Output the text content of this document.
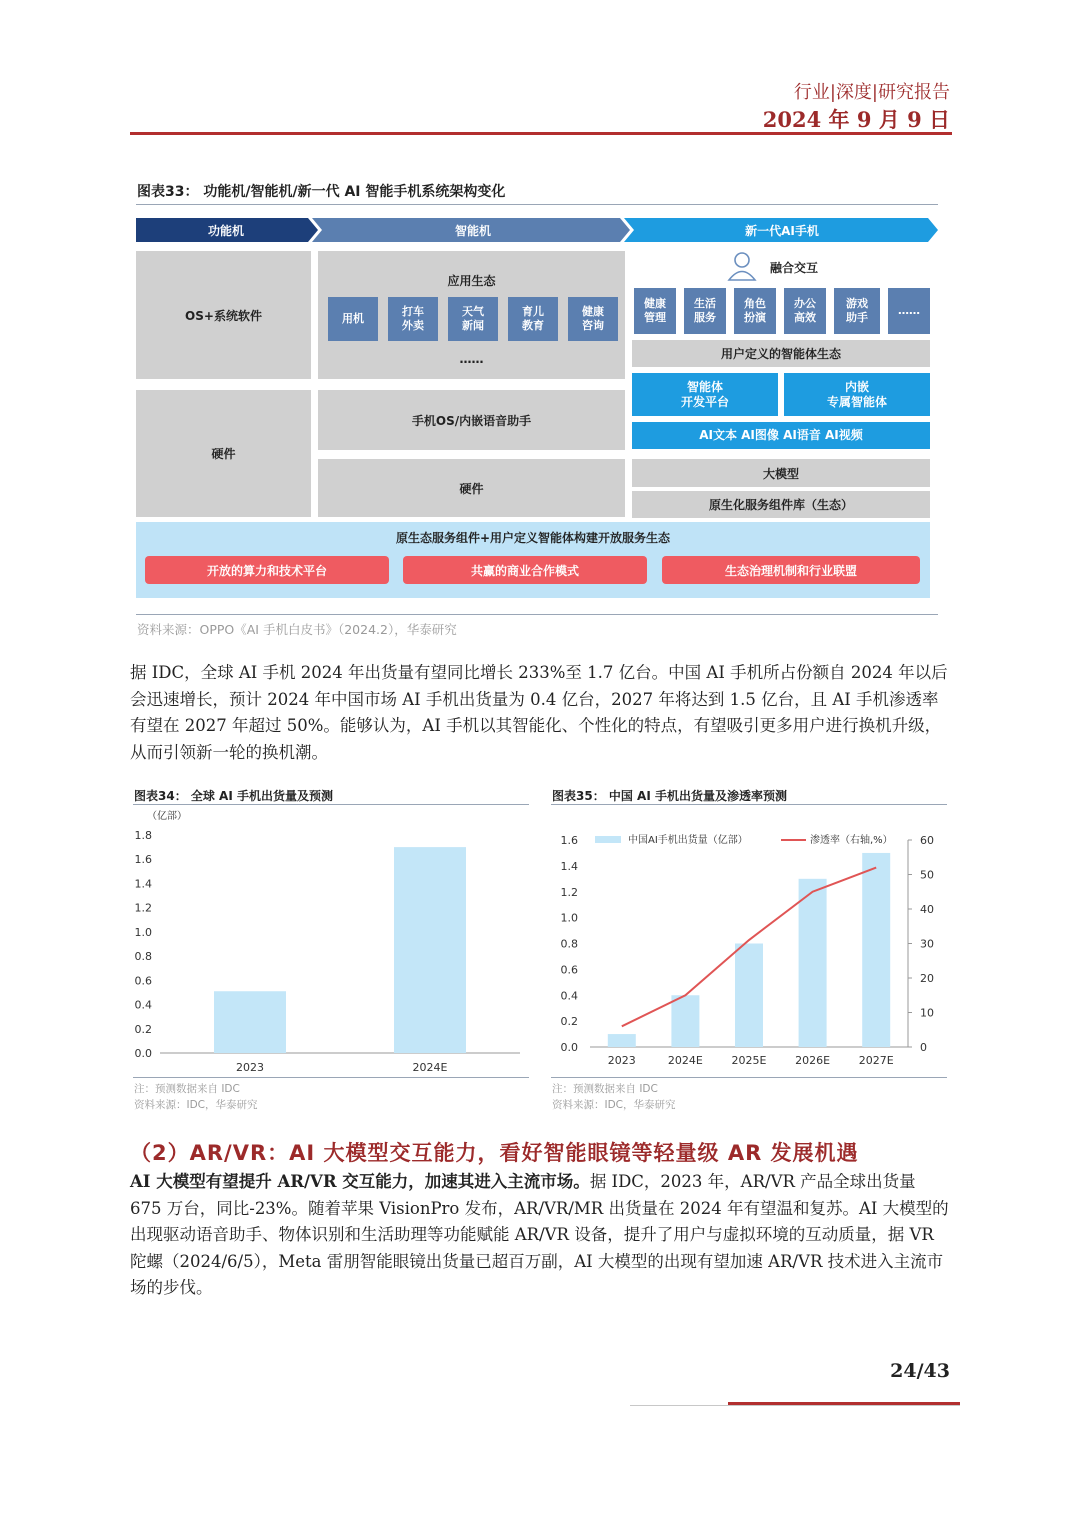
行业|深度|研究报告
2024 年 9 月 9 日
图表33： 功能机/智能机/新一代 AI 智能手机系统架构变化
功能机	智能机	新一代AI手机
OS+系统软件
硬件
应用生态
用机
打车
外卖
天气
新闻
育儿
教育
健康
咨询
……
手机OS/内嵌语音助手
硬件
融合交互
健康
管理
生活
服务
角色
扮演
办公
高效
游戏
助手
……
用户定义的智能体生态
智能体
开发平台
内嵌
专属智能体
AI文本 AI图像 AI语音 AI视频
大模型
原生化服务组件库（生态）
原生态服务组件+用户定义智能体构建开放服务生态
开放的算力和技术平台	共赢的商业合作模式	生态治理机制和行业联盟
资料来源：OPPO《AI 手机白皮书》（2024.2），华泰研究

据 IDC，全球 AI 手机 2024 年出货量有望同比增长 233%至 1.7 亿台。中国 AI 手机所占份额自 2024 年以后会迅速增长，预计 2024 年中国市场 AI 手机出货量为 0.4 亿台，2027 年将达到 1.5 亿台，且 AI 手机渗透率有望在 2027 年超过 50%。能够认为，AI 手机以其智能化、个性化的特点，有望吸引更多用户进行换机升级，从而引领新一轮的换机潮。

图表34： 全球 AI 手机出货量及预测
（亿部）
0.0
0.2
0.4
0.6
0.8
1.0
1.2
1.4
1.6
1.8
2023	2024E
注：预测数据来自 IDC
资料来源：IDC，华泰研究
图表35： 中国 AI 手机出货量及渗透率预测
中国AI手机出货量（亿部）	渗透率（右轴,%）
0.0
0.2
0.4
0.6
0.8
1.0
1.2
1.4
1.6
0
10
20
30
40
50
60
2023	2024E	2025E	2026E	2027E
注：预测数据来自 IDC
资料来源：IDC，华泰研究
（2）AR/VR：AI 大模型交互能力，看好智能眼镜等轻量级 AR 发展机遇

AI 大模型有望提升 AR/VR 交互能力，加速其进入主流市场。据 IDC，2023 年，AR/VR 产品全球出货量 675 万台，同比-23%。随着苹果 VisionPro 发布，AR/VR/MR 出货量在 2024 年有望温和复苏。AI 大模型的出现驱动语音助手、物体识别和生活助理等功能赋能 AR/VR 设备，提升了用户与虚拟环境的互动质量，据 VR 陀螺（2024/6/5），Meta 雷朋智能眼镜出货量已超百万副，AI 大模型的出现有望加速 AR/VR 技术进入主流市场的步伐。

24/43
